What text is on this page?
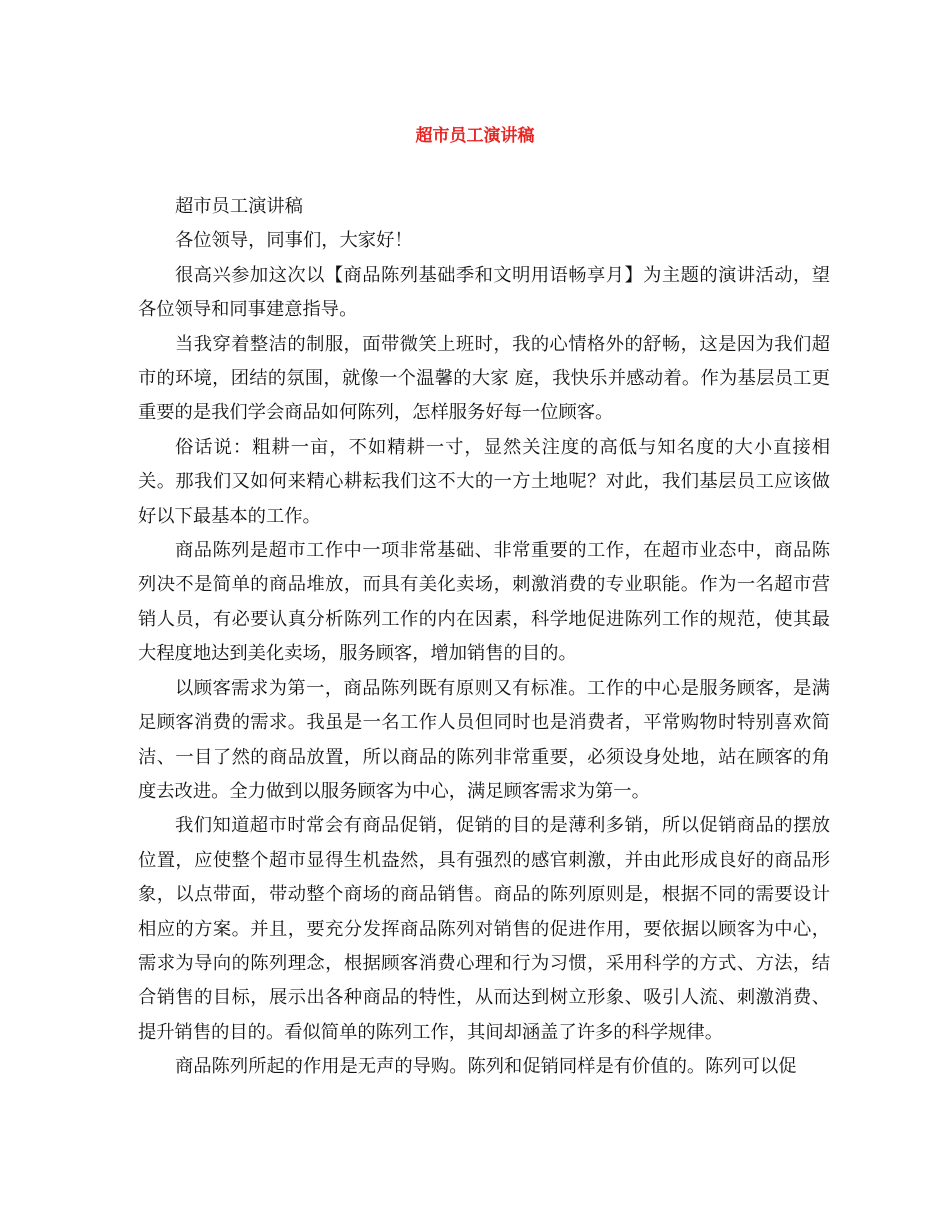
超市员工演讲稿

超市员工演讲稿

各位领导，同事们，大家好！

很高兴参加这次以【商品陈列基础季和文明用语畅享月】为主题的演讲活动，望各位领导和同事建意指导。

当我穿着整洁的制服，面带微笑上班时，我的心情格外的舒畅，这是因为我们超市的环境，团结的氛围，就像一个温馨的大家 庭，我快乐并感动着。作为基层员工更重要的是我们学会商品如何陈列，怎样服务好每一位顾客。

俗话说：粗耕一亩，不如精耕一寸，显然关注度的高低与知名度的大小直接相关。那我们又如何来精心耕耘我们这不大的一方土地呢？对此，我们基层员工应该做好以下最基本的工作。

商品陈列是超市工作中一项非常基础、非常重要的工作，在超市业态中，商品陈列决不是简单的商品堆放，而具有美化卖场，刺激消费的专业职能。作为一名超市营销人员，有必要认真分析陈列工作的内在因素，科学地促进陈列工作的规范，使其最大程度地达到美化卖场，服务顾客，增加销售的目的。

以顾客需求为第一，商品陈列既有原则又有标准。工作的中心是服务顾客，是满足顾客消费的需求。我虽是一名工作人员但同时也是消费者，平常购物时特别喜欢简洁、一目了然的商品放置，所以商品的陈列非常重要，必须设身处地，站在顾客的角度去改进。全力做到以服务顾客为中心，满足顾客需求为第一。

我们知道超市时常会有商品促销，促销的目的是薄利多销，所以促销商品的摆放位置，应使整个超市显得生机盎然，具有强烈的感官刺激，并由此形成良好的商品形象，以点带面，带动整个商场的商品销售。商品的陈列原则是，根据不同的需要设计相应的方案。并且，要充分发挥商品陈列对销售的促进作用，要依据以顾客为中心，需求为导向的陈列理念，根据顾客消费心理和行为习惯，采用科学的方式、方法，结合销售的目标，展示出各种商品的特性，从而达到树立形象、吸引人流、刺激消费、提升销售的目的。看似简单的陈列工作，其间却涵盖了许多的科学规律。

商品陈列所起的作用是无声的导购。陈列和促销同样是有价值的。陈列可以促
